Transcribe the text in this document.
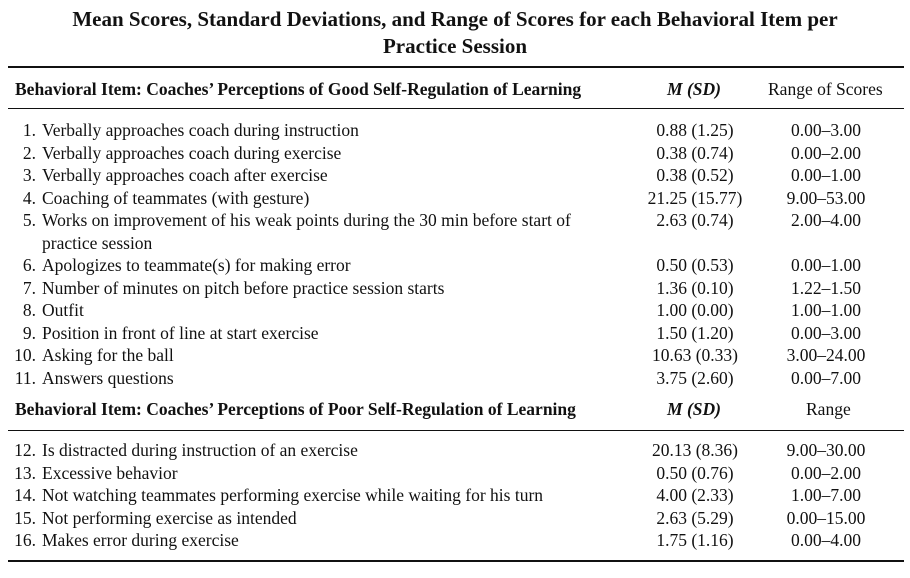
Mean Scores, Standard Deviations, and Range of Scores for each Behavioral Item per
Practice Session
Behavioral Item: Coaches’ Perceptions of Good Self-Regulation of Learning	M (SD)	Range of Scores
1. Verbally approaches coach during instruction	0.88 (1.25)	0.00–3.00
2. Verbally approaches coach during exercise	0.38 (0.74)	0.00–2.00
3. Verbally approaches coach after exercise	0.38 (0.52)	0.00–1.00
4. Coaching of teammates (with gesture)	21.25 (15.77)	9.00–53.00
5. Works on improvement of his weak points during the 30 min before start of	2.63 (0.74)	2.00–4.00
practice session
6. Apologizes to teammate(s) for making error	0.50 (0.53)	0.00–1.00
7. Number of minutes on pitch before practice session starts	1.36 (0.10)	1.22–1.50
8. Outfit	1.00 (0.00)	1.00–1.00
9. Position in front of line at start exercise	1.50 (1.20)	0.00–3.00
10. Asking for the ball	10.63 (0.33)	3.00–24.00
11. Answers questions	3.75 (2.60)	0.00–7.00
Behavioral Item: Coaches’ Perceptions of Poor Self-Regulation of Learning	M (SD)	Range
12. Is distracted during instruction of an exercise	20.13 (8.36)	9.00–30.00
13. Excessive behavior	0.50 (0.76)	0.00–2.00
14. Not watching teammates performing exercise while waiting for his turn	4.00 (2.33)	1.00–7.00
15. Not performing exercise as intended	2.63 (5.29)	0.00–15.00
16. Makes error during exercise	1.75 (1.16)	0.00–4.00
